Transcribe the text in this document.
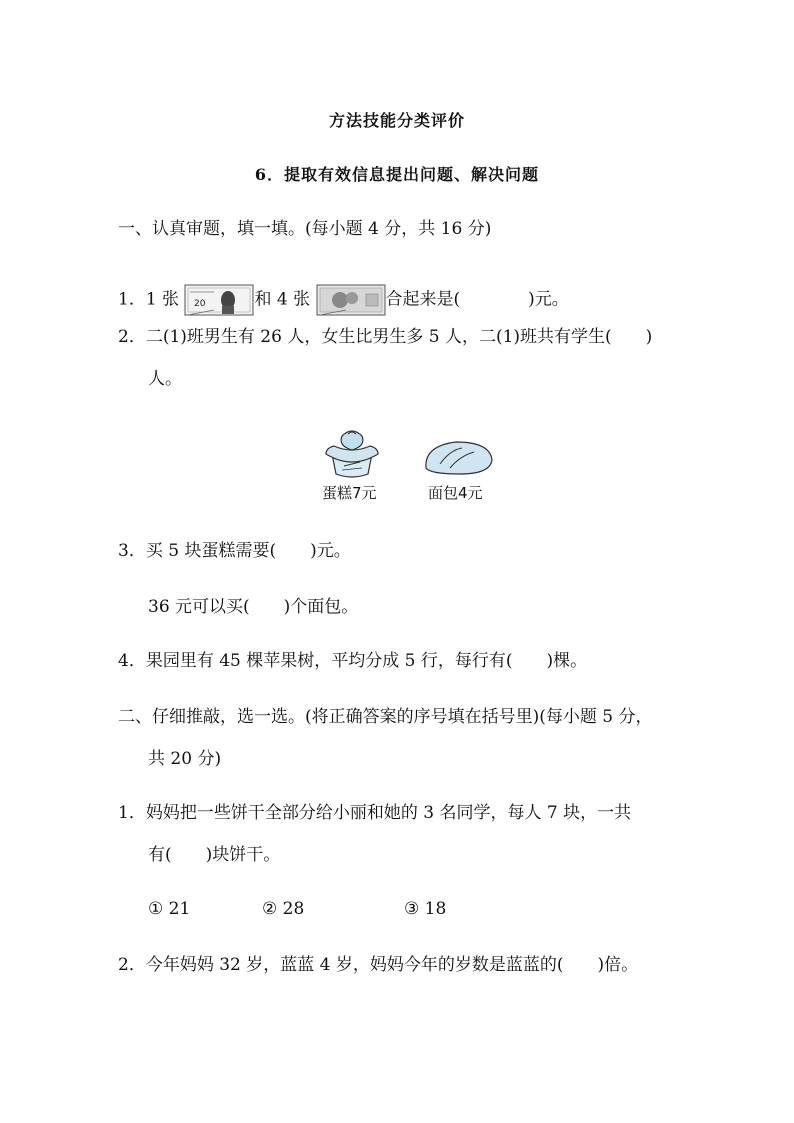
方法技能分类评价
6．提取有效信息提出问题、解决问题
一、认真审题，填一填。(每小题 4 分，共 16 分)
1．1 张 20	和 4 张	合起来是(　　　　	)元。
2．二(1)班男生有 26 人，女生比男生多 5 人，二(1)班共有学生(　　)
人。
蛋糕7元	面包4元
3．买 5 块蛋糕需要(　　)元。
36 元可以买(　　)个面包。
4．果园里有 45 棵苹果树，平均分成 5 行，每行有(　　)棵。
二、仔细推敲，选一选。(将正确答案的序号填在括号里)(每小题 5 分，
共 20 分)
1．妈妈把一些饼干全部分给小丽和她的 3 名同学，每人 7 块，一共
有(　　)块饼干。
① 21	② 28	③ 18
2．今年妈妈 32 岁，蓝蓝 4 岁，妈妈今年的岁数是蓝蓝的(　　)倍。
